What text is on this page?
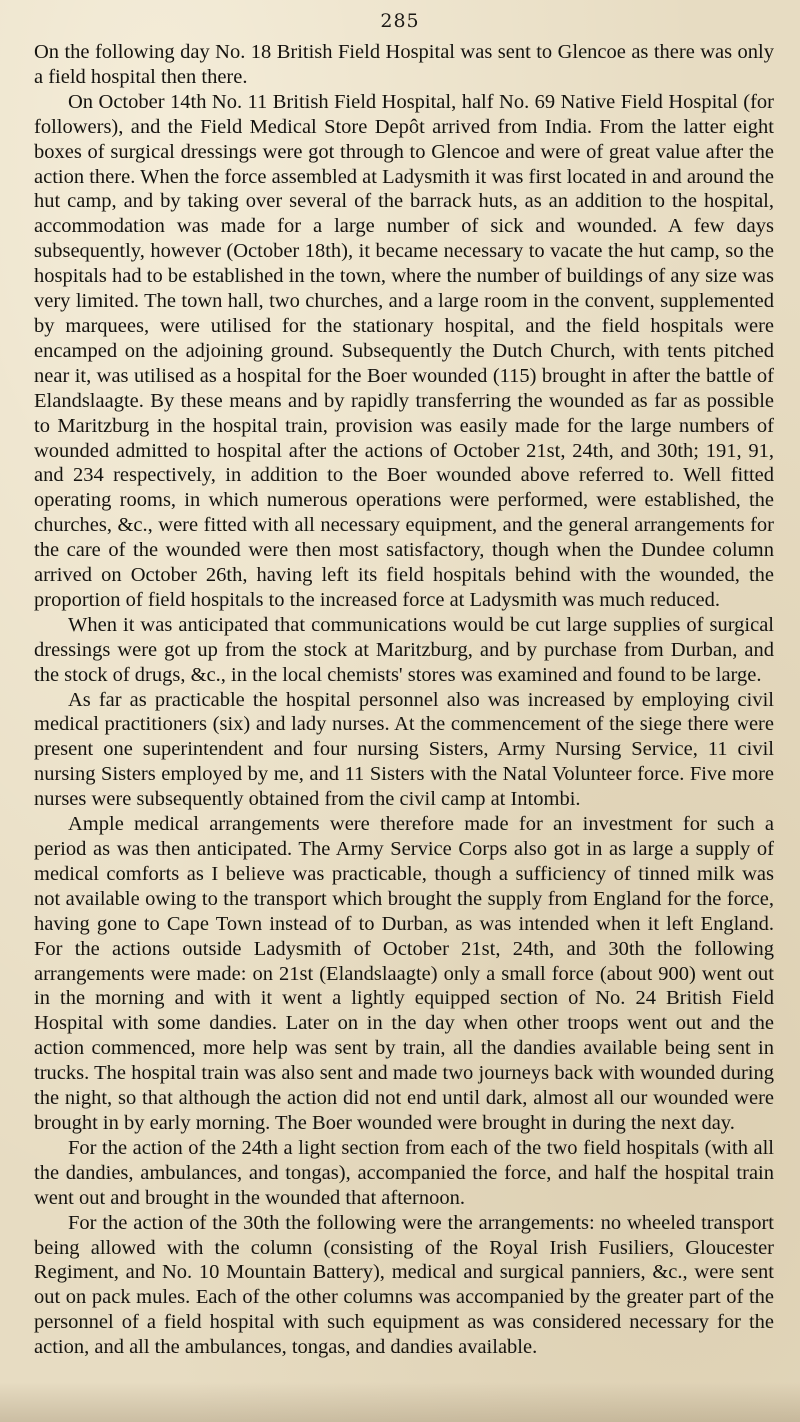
285

On the following day No. 18 British Field Hospital was sent to Glencoe as there was only a field hospital then there.

On October 14th No. 11 British Field Hospital, half No. 69 Native Field Hospital (for followers), and the Field Medical Store Depôt arrived from India. From the latter eight boxes of surgical dressings were got through to Glencoe and were of great value after the action there. When the force assembled at Ladysmith it was first located in and around the hut camp, and by taking over several of the barrack huts, as an addition to the hospital, accommodation was made for a large number of sick and wounded. A few days subsequently, however (October 18th), it became necessary to vacate the hut camp, so the hospitals had to be established in the town, where the number of buildings of any size was very limited. The town hall, two churches, and a large room in the convent, supplemented by marquees, were utilised for the stationary hospital, and the field hospitals were encamped on the adjoining ground. Subsequently the Dutch Church, with tents pitched near it, was utilised as a hospital for the Boer wounded (115) brought in after the battle of Elandslaagte. By these means and by rapidly transferring the wounded as far as possible to Maritzburg in the hospital train, provision was easily made for the large numbers of wounded admitted to hospital after the actions of October 21st, 24th, and 30th; 191, 91, and 234 respectively, in addition to the Boer wounded above referred to. Well fitted operating rooms, in which numerous operations were performed, were established, the churches, &c., were fitted with all necessary equipment, and the general arrangements for the care of the wounded were then most satisfactory, though when the Dundee column arrived on October 26th, having left its field hospitals behind with the wounded, the proportion of field hospitals to the increased force at Ladysmith was much reduced.

When it was anticipated that communications would be cut large supplies of surgical dressings were got up from the stock at Maritzburg, and by purchase from Durban, and the stock of drugs, &c., in the local chemists' stores was examined and found to be large.

As far as practicable the hospital personnel also was increased by employing civil medical practitioners (six) and lady nurses. At the commencement of the siege there were present one superintendent and four nursing Sisters, Army Nursing Service, 11 civil nursing Sisters employed by me, and 11 Sisters with the Natal Volunteer force. Five more nurses were subsequently obtained from the civil camp at Intombi.

Ample medical arrangements were therefore made for an investment for such a period as was then anticipated. The Army Service Corps also got in as large a supply of medical comforts as I believe was practicable, though a sufficiency of tinned milk was not available owing to the transport which brought the supply from England for the force, having gone to Cape Town instead of to Durban, as was intended when it left England. For the actions outside Ladysmith of October 21st, 24th, and 30th the following arrangements were made: on 21st (Elandslaagte) only a small force (about 900) went out in the morning and with it went a lightly equipped section of No. 24 British Field Hospital with some dandies. Later on in the day when other troops went out and the action commenced, more help was sent by train, all the dandies available being sent in trucks. The hospital train was also sent and made two journeys back with wounded during the night, so that although the action did not end until dark, almost all our wounded were brought in by early morning. The Boer wounded were brought in during the next day.

For the action of the 24th a light section from each of the two field hospitals (with all the dandies, ambulances, and tongas), accompanied the force, and half the hospital train went out and brought in the wounded that afternoon.

For the action of the 30th the following were the arrangements: no wheeled transport being allowed with the column (consisting of the Royal Irish Fusiliers, Gloucester Regiment, and No. 10 Mountain Battery), medical and surgical panniers, &c., were sent out on pack mules. Each of the other columns was accompanied by the greater part of the personnel of a field hospital with such equipment as was considered necessary for the action, and all the ambulances, tongas, and dandies available.
